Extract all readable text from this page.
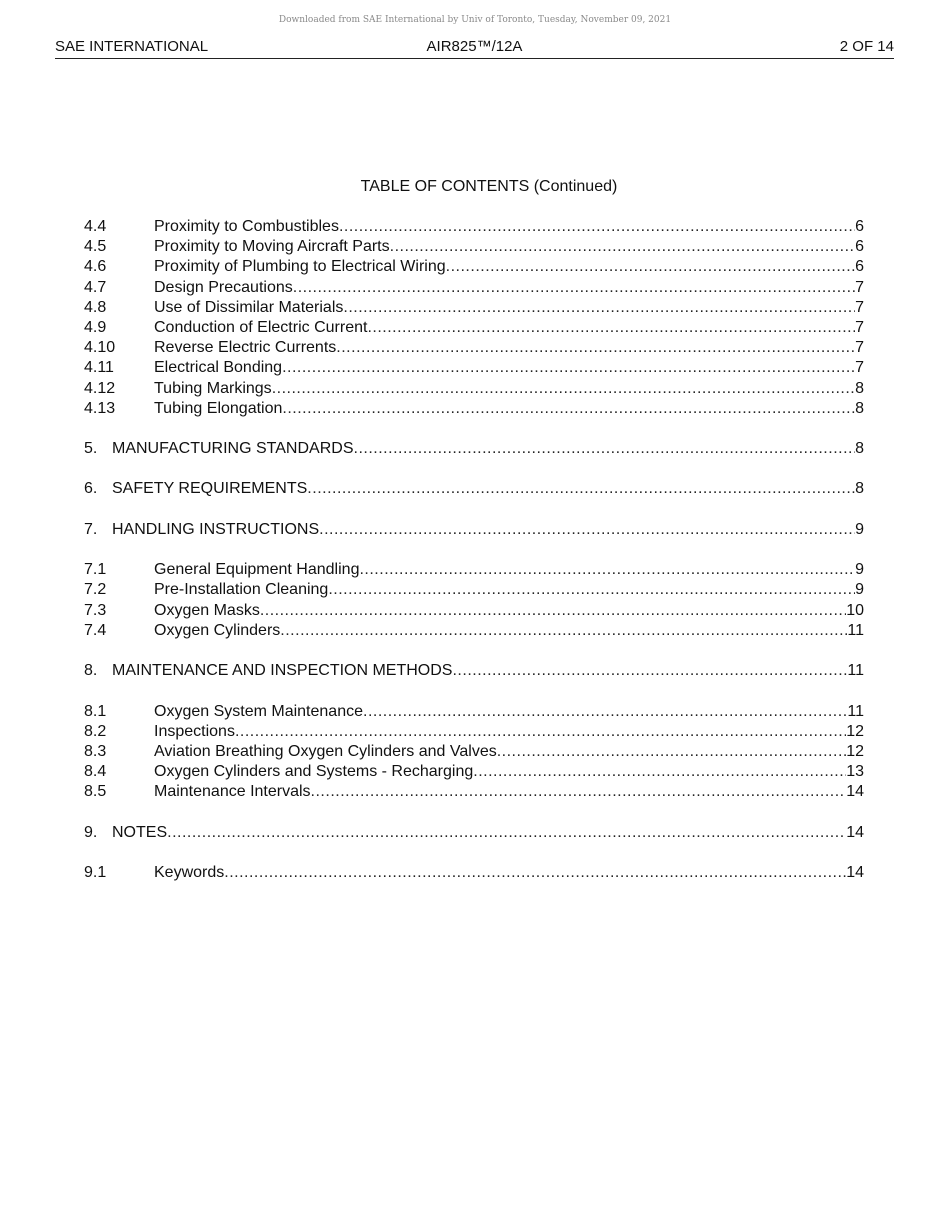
Downloaded from SAE International by Univ of Toronto, Tuesday, November 09, 2021
SAE INTERNATIONAL	AIR825™/12A	2 OF 14
TABLE OF CONTENTS (Continued)
4.4	Proximity to Combustibles .....	6
4.5	Proximity to Moving Aircraft Parts .....	6
4.6	Proximity of Plumbing to Electrical Wiring .....	6
4.7	Design Precautions .....	7
4.8	Use of Dissimilar Materials .....	7
4.9	Conduction of Electric Current .....	7
4.10	Reverse Electric Currents .....	7
4.11	Electrical Bonding .....	7
4.12	Tubing Markings .....	8
4.13	Tubing Elongation .....	8
5. MANUFACTURING STANDARDS .....	8
6. SAFETY REQUIREMENTS .....	8
7. HANDLING INSTRUCTIONS .....	9
7.1	General Equipment Handling .....	9
7.2	Pre-Installation Cleaning .....	9
7.3	Oxygen Masks .....	10
7.4	Oxygen Cylinders .....	11
8. MAINTENANCE AND INSPECTION METHODS .....	11
8.1	Oxygen System Maintenance .....	11
8.2	Inspections .....	12
8.3	Aviation Breathing Oxygen Cylinders and Valves .....	12
8.4	Oxygen Cylinders and Systems - Recharging .....	13
8.5	Maintenance Intervals .....	14
9. NOTES .....	14
9.1	Keywords .....	14
